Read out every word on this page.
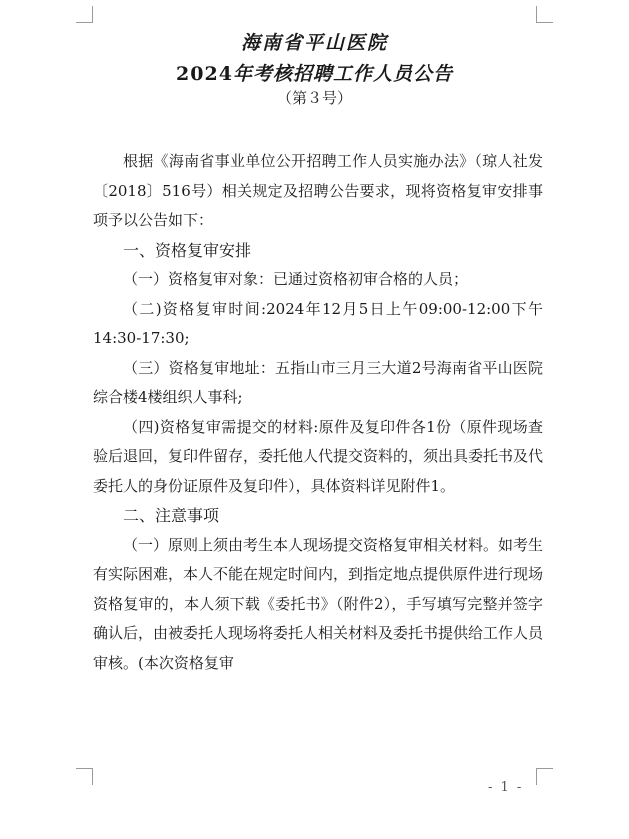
海南省平山医院
2024年考核招聘工作人员公告
（第３号）

根据《海南省事业单位公开招聘工作人员实施办法》（琼人社发〔2018〕516号）相关规定及招聘公告要求，现将资格复审安排事项予以公告如下：

一、资格复审安排

（一）资格复审对象：已通过资格初审合格的人员；

（二)资格复审时间:2024年12月5日上午09:00-12:00下午14:30-17:30;

（三）资格复审地址：五指山市三月三大道2号海南省平山医院综合楼4楼组织人事科;

（四)资格复审需提交的材料:原件及复印件各1份（原件现场查验后退回，复印件留存，委托他人代提交资料的，须出具委托书及代委托人的身份证原件及复印件），具体资料详见附件1。

二、注意事项

（一）原则上须由考生本人现场提交资格复审相关材料。如考生有实际困难，本人不能在规定时间内，到指定地点提供原件进行现场资格复审的，本人须下载《委托书》（附件2），手写填写完整并签字确认后，由被委托人现场将委托人相关材料及委托书提供给工作人员审核。(本次资格复审

- 1 -
